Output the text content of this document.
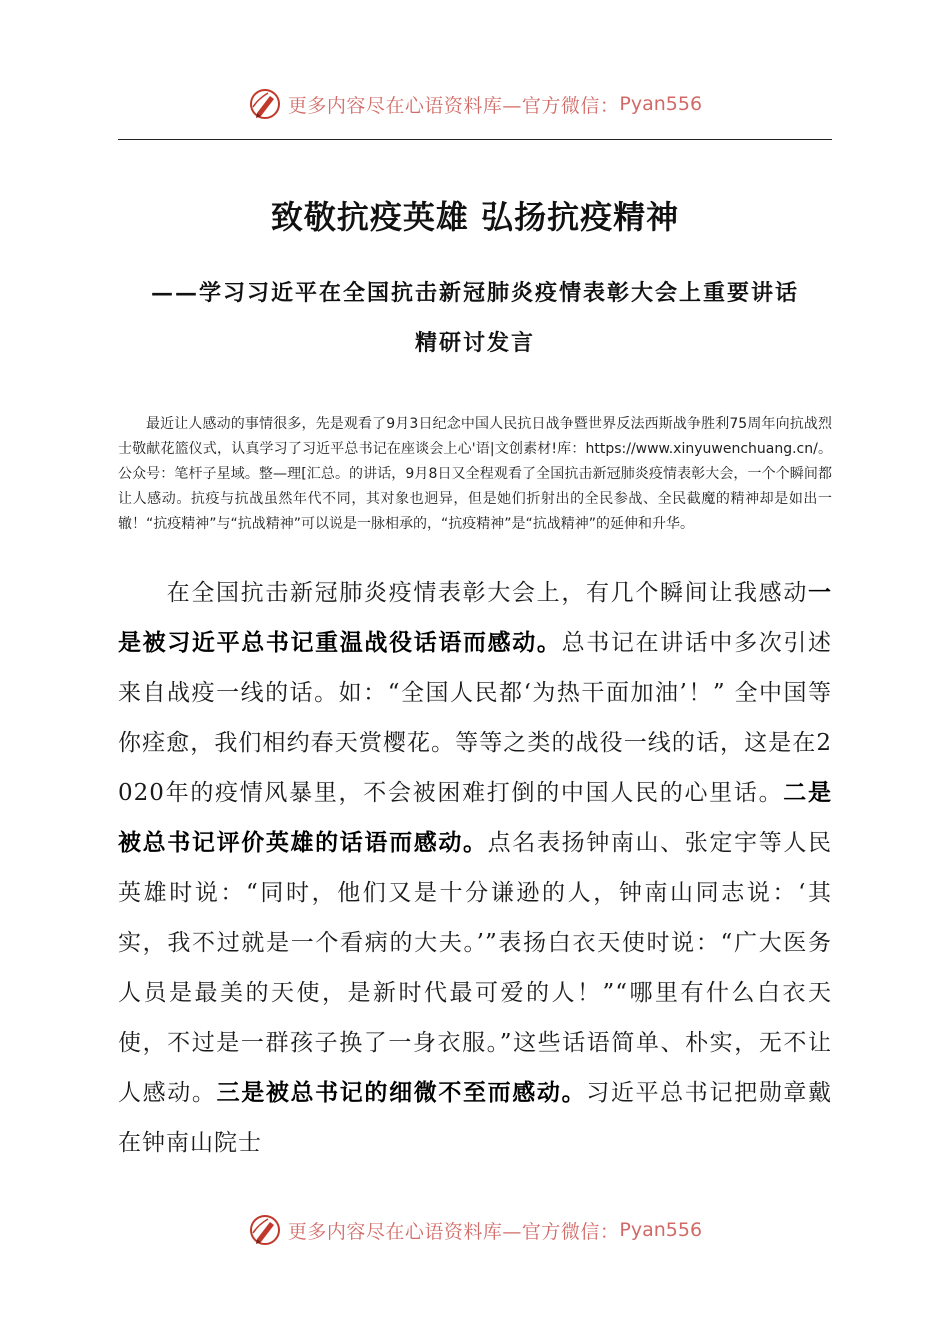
更多内容尽在心语资料库—官方微信： Pyan556
致敬抗疫英雄 弘扬抗疫精神
——学习习近平在全国抗击新冠肺炎疫情表彰大会上重要讲话
精研讨发言

最近让人感动的事情很多，先是观看了9月3日纪念中国人民抗日战争暨世界反法西斯战争胜利75周年向抗战烈士敬献花篮仪式，认真学习了习近平总书记在座谈会上心'语|文创素材!库：https://www.xinyuwenchuang.cn/。公众号：笔杆子星域。整—理[汇总。的讲话，9月8日又全程观看了全国抗击新冠肺炎疫情表彰大会，一个个瞬间都让人感动。抗疫与抗战虽然年代不同，其对象也迥异，但是她们折射出的全民参战、全民截魔的精神却是如出一辙！“抗疫精神”与“抗战精神”可以说是一脉相承的，“抗疫精神”是“抗战精神”的延伸和升华。

在全国抗击新冠肺炎疫情表彰大会上，有几个瞬间让我感动一是被习近平总书记重温战役话语而感动。总书记在讲话中多次引述来自战疫一线的话。如：“全国人民都‘为热干面加油’！” 全中国等你痊愈，我们相约春天赏樱花。等等之类的战役一线的话，这是在2020年的疫情风暴里，不会被困难打倒的中国人民的心里话。二是被总书记评价英雄的话语而感动。点名表扬钟南山、张定宇等人民英雄时说：“同时，他们又是十分谦逊的人，钟南山同志说：‘其实，我不过就是一个看病的大夫。’”表扬白衣天使时说：“广大医务人员是最美的天使，是新时代最可爱的人！”“哪里有什么白衣天使，不过是一群孩子换了一身衣服。”这些话语简单、朴实，无不让人感动。三是被总书记的细微不至而感动。习近平总书记把勋章戴在钟南山院士

更多内容尽在心语资料库—官方微信： Pyan556
